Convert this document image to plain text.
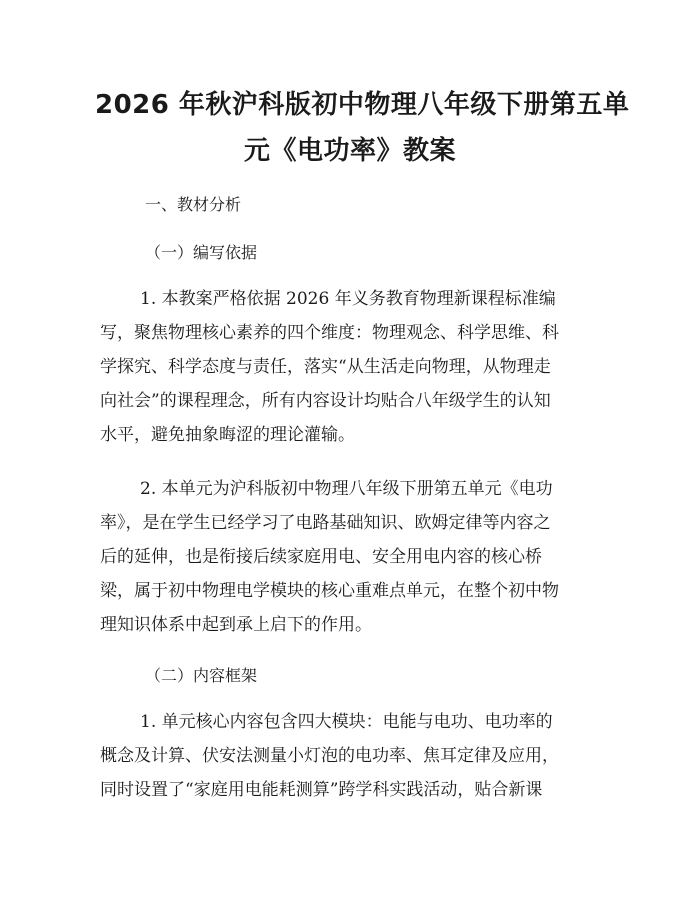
2026 年秋沪科版初中物理八年级下册第五单
元《电功率》教案
一、教材分析
（一）编写依据
1. 本教案严格依据 2026 年义务教育物理新课程标准编
写，聚焦物理核心素养的四个维度：物理观念、科学思维、科
学探究、科学态度与责任，落实“从生活走向物理，从物理走
向社会”的课程理念，所有内容设计均贴合八年级学生的认知
水平，避免抽象晦涩的理论灌输。
2. 本单元为沪科版初中物理八年级下册第五单元《电功
率》，是在学生已经学习了电路基础知识、欧姆定律等内容之
后的延伸，也是衔接后续家庭用电、安全用电内容的核心桥
梁，属于初中物理电学模块的核心重难点单元，在整个初中物
理知识体系中起到承上启下的作用。
（二）内容框架
1. 单元核心内容包含四大模块：电能与电功、电功率的
概念及计算、伏安法测量小灯泡的电功率、焦耳定律及应用，
同时设置了“家庭用电能耗测算”跨学科实践活动，贴合新课
